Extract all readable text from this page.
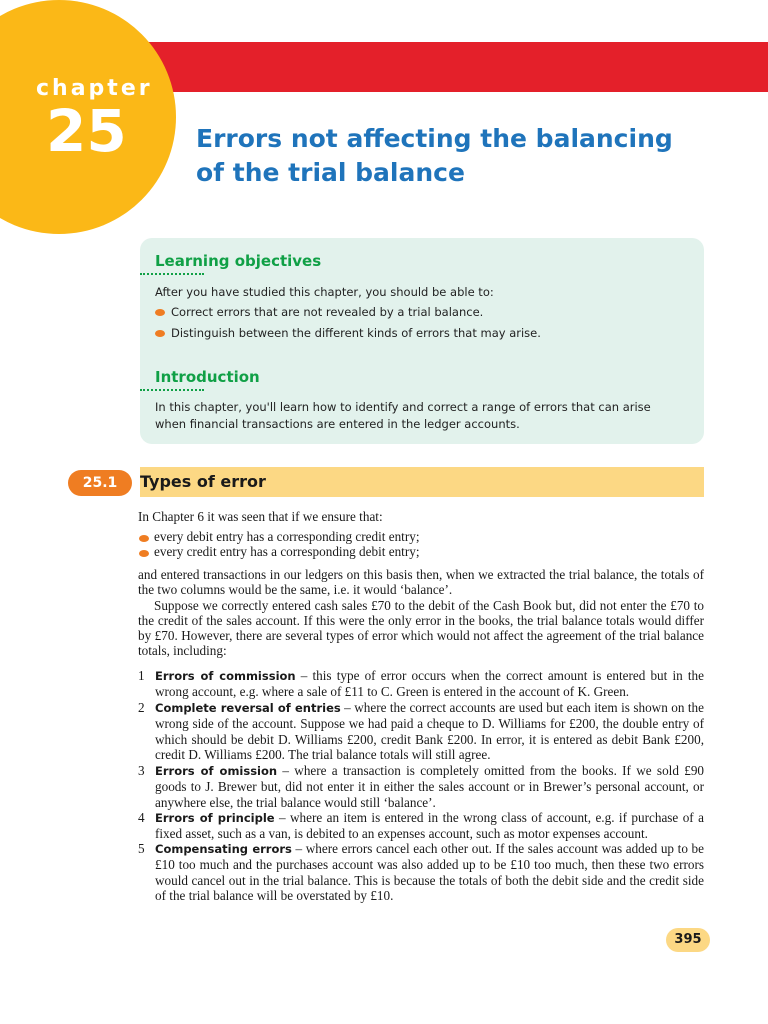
chapter
25	Errors not affecting the balancing
of the trial balance
Learning objectives
After you have studied this chapter, you should be able to:
Correct errors that are not revealed by a trial balance.
Distinguish between the different kinds of errors that may arise.
Introduction
In this chapter, you'll learn how to identify and correct a range of errors that can arise
when financial transactions are entered in the ledger accounts.
25.1	Types of error
In Chapter 6 it was seen that if we ensure that:
every debit entry has a corresponding credit entry;
every credit entry has a corresponding debit entry;

and entered transactions in our ledgers on this basis then, when we extracted the trial balance, the totals of the two columns would be the same, i.e. it would ‘balance’.

Suppose we correctly entered cash sales £70 to the debit of the Cash Book but, did not enter the £70 to the credit of the sales account. If this were the only error in the books, the trial balance totals would differ by £70. However, there are several types of error which would not affect the agreement of the trial balance totals, including:

1 Errors of commission – this type of error occurs when the correct amount is entered but in the wrong account, e.g. where a sale of £11 to C. Green is entered in the account of K. Green.
2 Complete reversal of entries – where the correct accounts are used but each item is shown on the wrong side of the account. Suppose we had paid a cheque to D. Williams for £200, the double entry of which should be debit D. Williams £200, credit Bank £200. In error, it is entered as debit Bank £200, credit D. Williams £200. The trial balance totals will still agree.
3 Errors of omission – where a transaction is completely omitted from the books. If we sold £90 goods to J. Brewer but, did not enter it in either the sales account or in Brewer’s personal account, or anywhere else, the trial balance would still ‘balance’.
4 Errors of principle – where an item is entered in the wrong class of account, e.g. if purchase of a fixed asset, such as a van, is debited to an expenses account, such as motor expenses account.
5 Compensating errors – where errors cancel each other out. If the sales account was added up to be £10 too much and the purchases account was also added up to be £10 too much, then these two errors would cancel out in the trial balance. This is because the totals of both the debit side and the credit side of the trial balance will be overstated by £10.
395
